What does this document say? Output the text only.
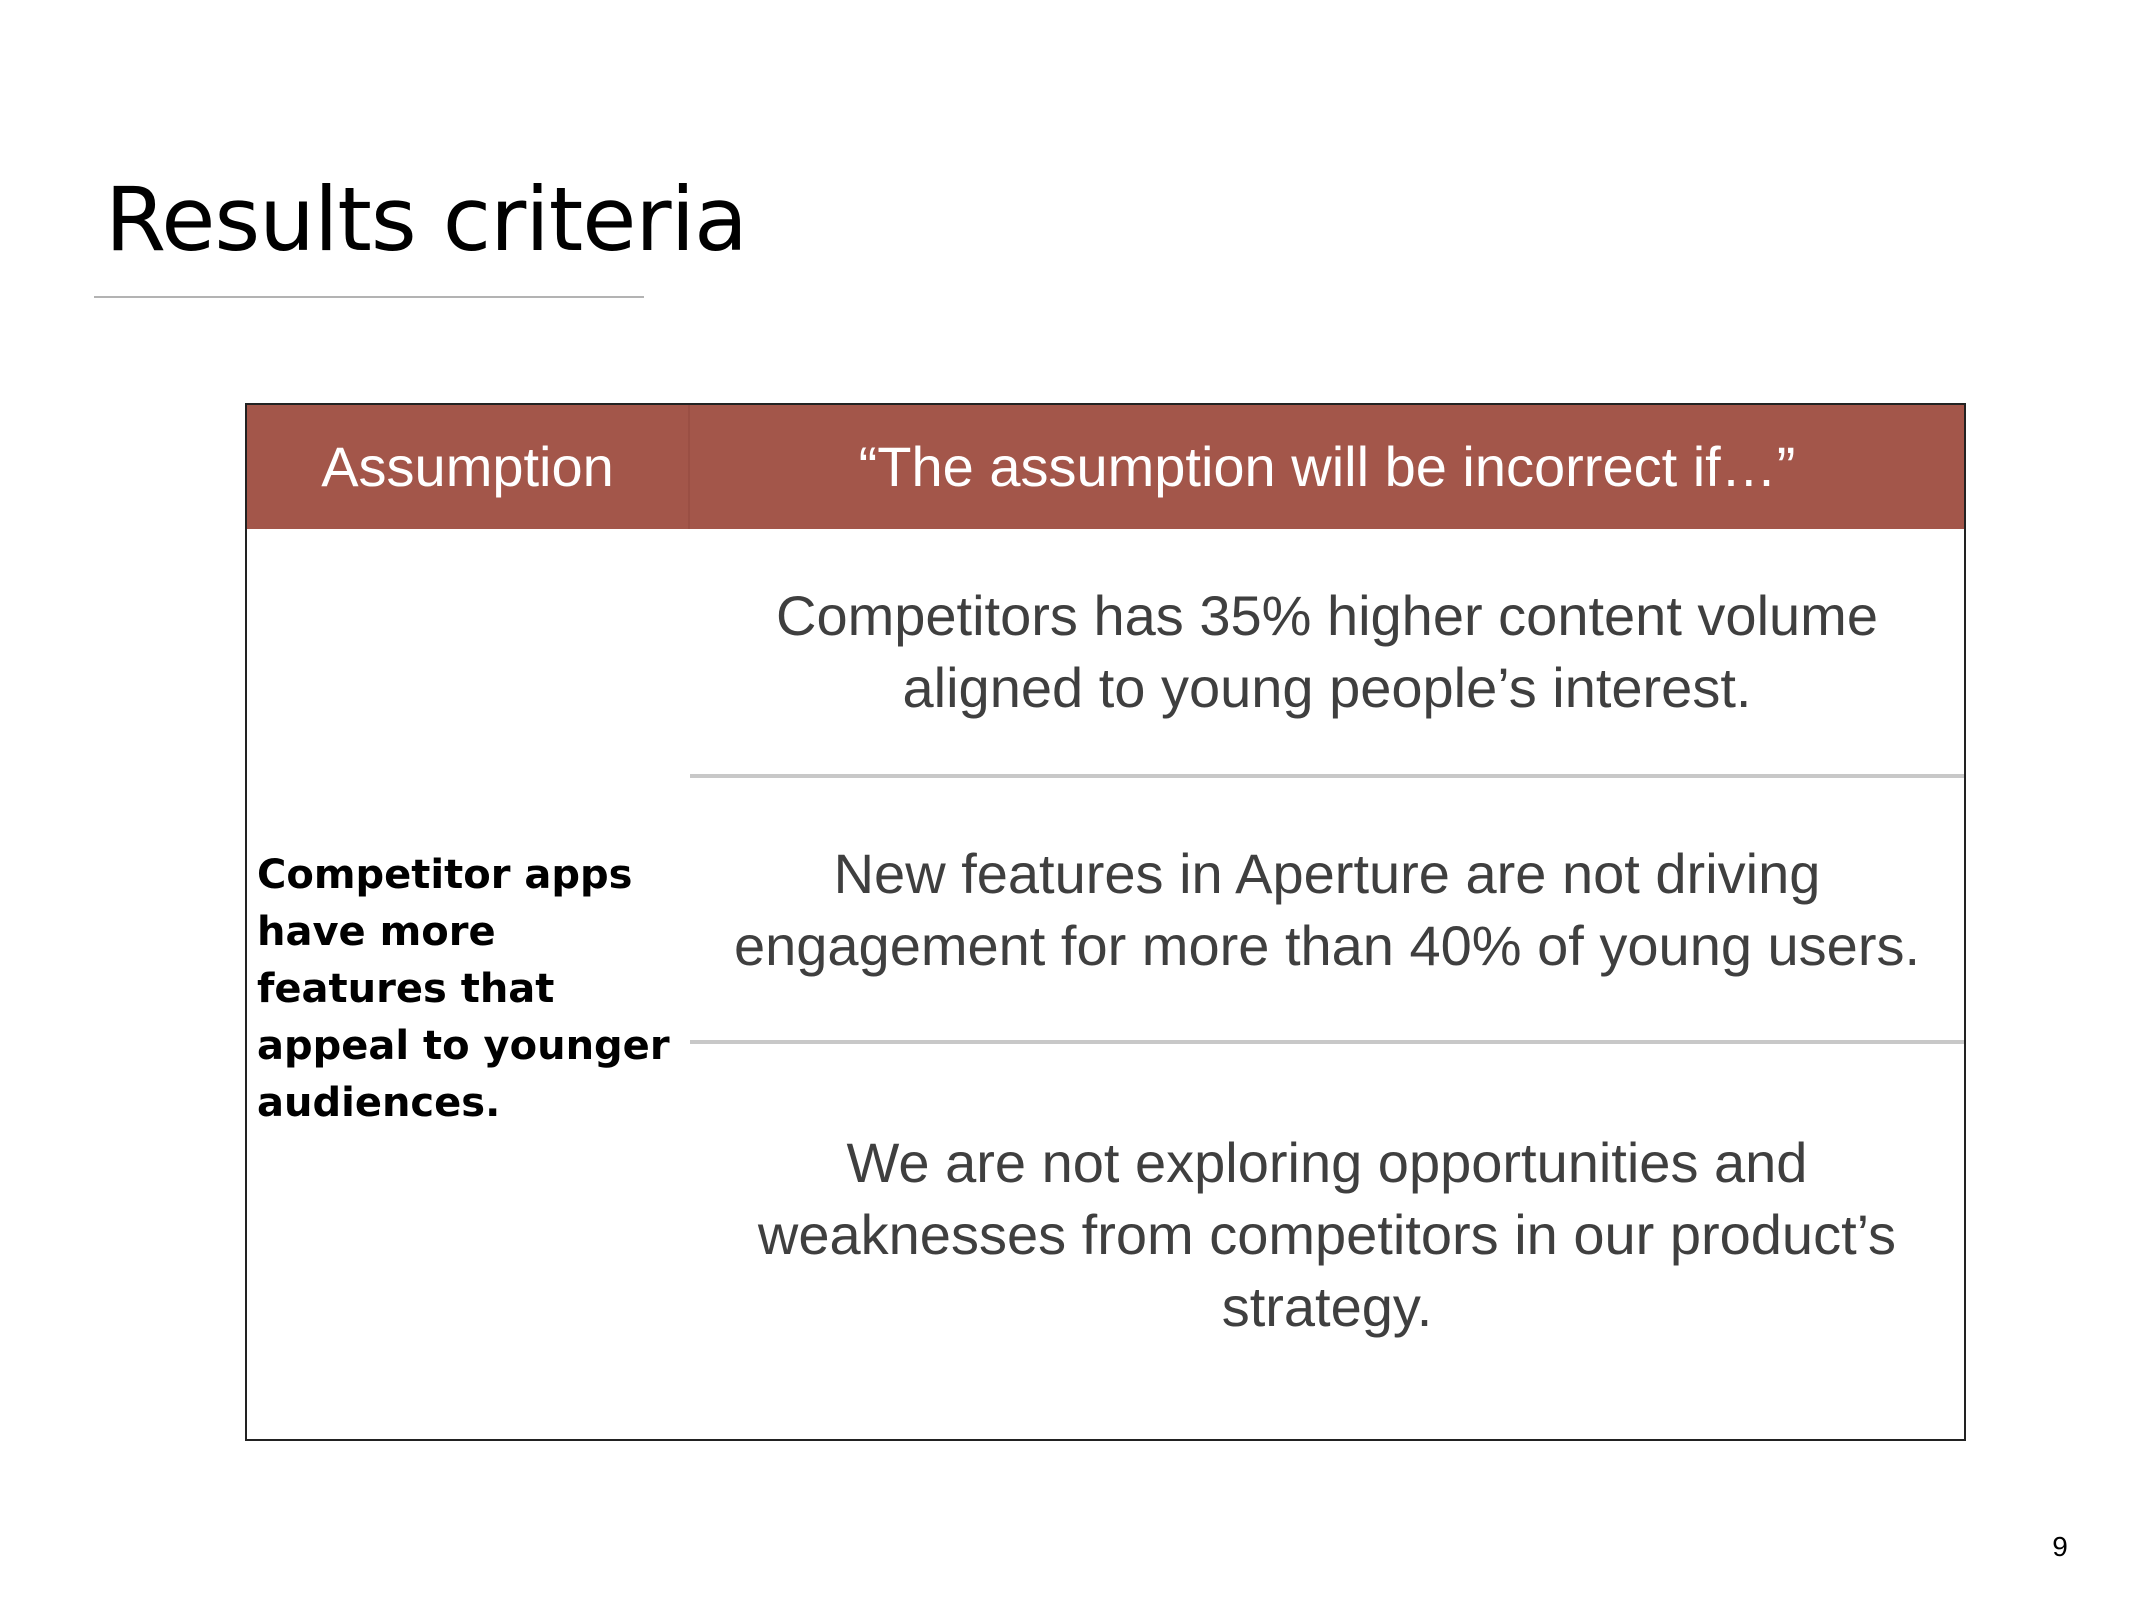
Results criteria
Assumption	“The assumption will be incorrect if…”
Competitor apps have more features that appeal to younger audiences.
Competitors has 35% higher content volume aligned to young people’s interest.
New features in Aperture are not driving engagement for more than 40% of young users.
We are not exploring opportunities and weaknesses from competitors in our product’s strategy.
9
